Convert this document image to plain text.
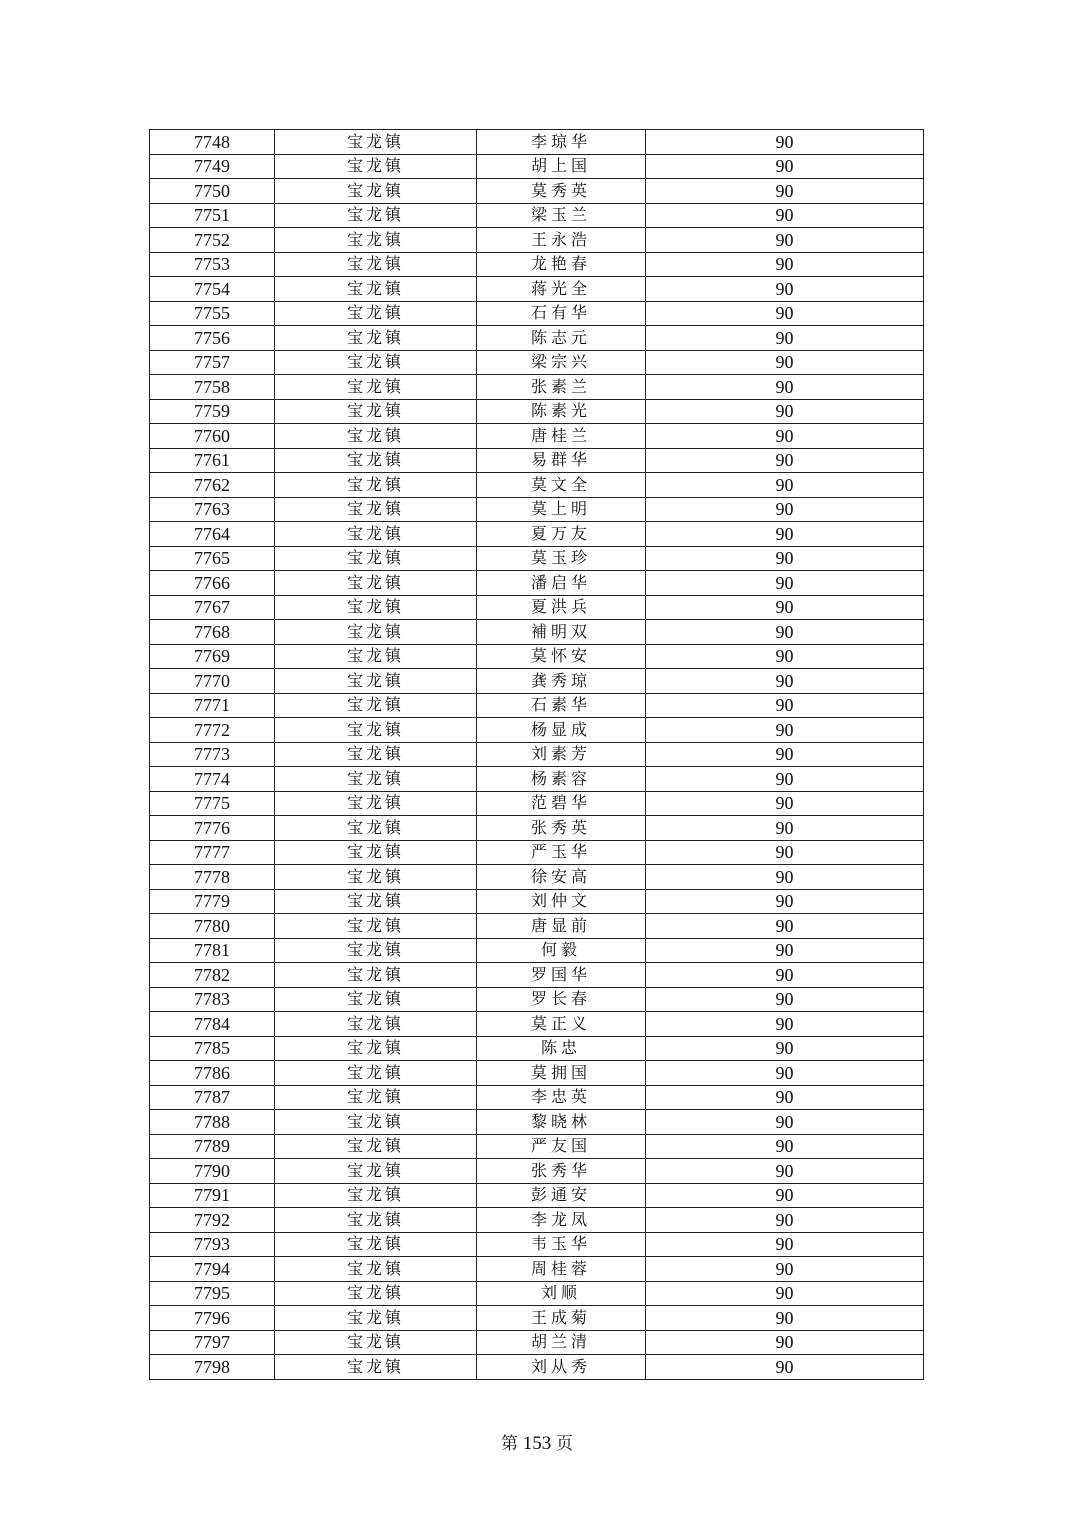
7748	宝龙镇	李琼华	90
7749	宝龙镇	胡上国	90
7750	宝龙镇	莫秀英	90
7751	宝龙镇	梁玉兰	90
7752	宝龙镇	王永浩	90
7753	宝龙镇	龙艳春	90
7754	宝龙镇	蒋光全	90
7755	宝龙镇	石有华	90
7756	宝龙镇	陈志元	90
7757	宝龙镇	梁宗兴	90
7758	宝龙镇	张素兰	90
7759	宝龙镇	陈素光	90
7760	宝龙镇	唐桂兰	90
7761	宝龙镇	易群华	90
7762	宝龙镇	莫文全	90
7763	宝龙镇	莫上明	90
7764	宝龙镇	夏万友	90
7765	宝龙镇	莫玉珍	90
7766	宝龙镇	潘启华	90
7767	宝龙镇	夏洪兵	90
7768	宝龙镇	補明双	90
7769	宝龙镇	莫怀安	90
7770	宝龙镇	龚秀琼	90
7771	宝龙镇	石素华	90
7772	宝龙镇	杨显成	90
7773	宝龙镇	刘素芳	90
7774	宝龙镇	杨素容	90
7775	宝龙镇	范碧华	90
7776	宝龙镇	张秀英	90
7777	宝龙镇	严玉华	90
7778	宝龙镇	徐安高	90
7779	宝龙镇	刘仲文	90
7780	宝龙镇	唐显前	90
7781	宝龙镇	何毅	90
7782	宝龙镇	罗国华	90
7783	宝龙镇	罗长春	90
7784	宝龙镇	莫正义	90
7785	宝龙镇	陈忠	90
7786	宝龙镇	莫拥国	90
7787	宝龙镇	李忠英	90
7788	宝龙镇	黎晓林	90
7789	宝龙镇	严友国	90
7790	宝龙镇	张秀华	90
7791	宝龙镇	彭通安	90
7792	宝龙镇	李龙凤	90
7793	宝龙镇	韦玉华	90
7794	宝龙镇	周桂蓉	90
7795	宝龙镇	刘顺	90
7796	宝龙镇	王成菊	90
7797	宝龙镇	胡兰清	90
7798	宝龙镇	刘从秀	90
第 153 页
